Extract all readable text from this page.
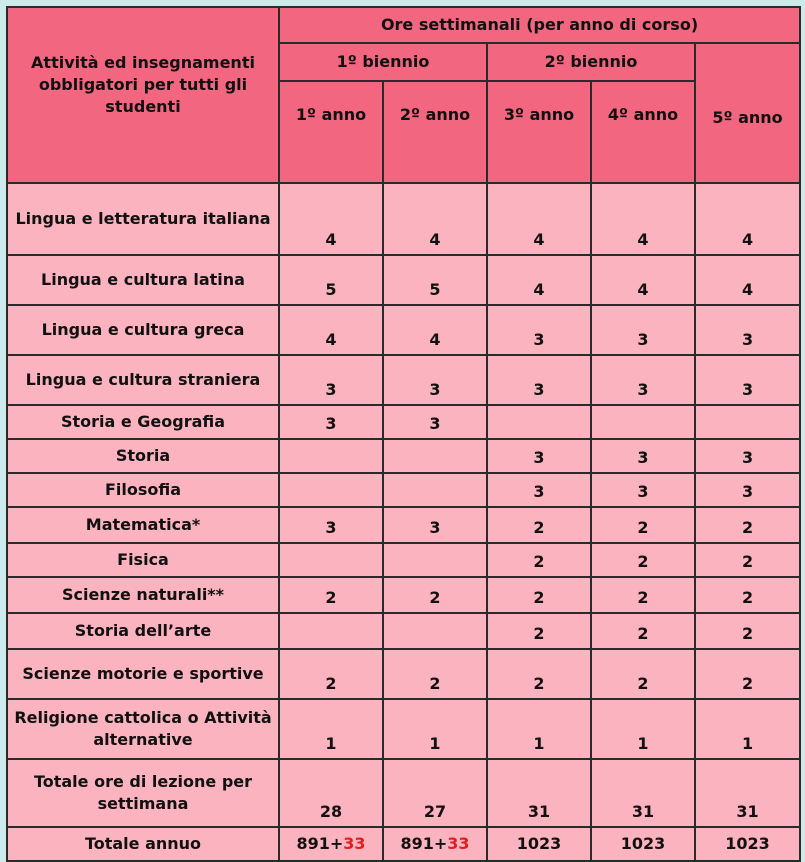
Attività ed insegnamenti obbligatori per tutti gli studenti	Ore settimanali (per anno di corso)				
	1º biennio		2º biennio		5º anno
	1º anno	2º anno	3º anno	4º anno	
Lingua e letteratura italiana	4	4	4	4	4
Lingua e cultura latina	5	5	4	4	4
Lingua e cultura greca	4	4	3	3	3
Lingua e cultura straniera	3	3	3	3	3
Storia e Geografia	3	3			
Storia			3	3	3
Filosofia			3	3	3
Matematica*	3	3	2	2	2
Fisica			2	2	2
Scienze naturali**	2	2	2	2	2
Storia dell’arte			2	2	2
Scienze motorie e sportive	2	2	2	2	2
Religione cattolica o Attività alternative	1	1	1	1	1
Totale ore di lezione per settimana	28	27	31	31	31
Totale annuo	891+33	891+33	1023	1023	1023
